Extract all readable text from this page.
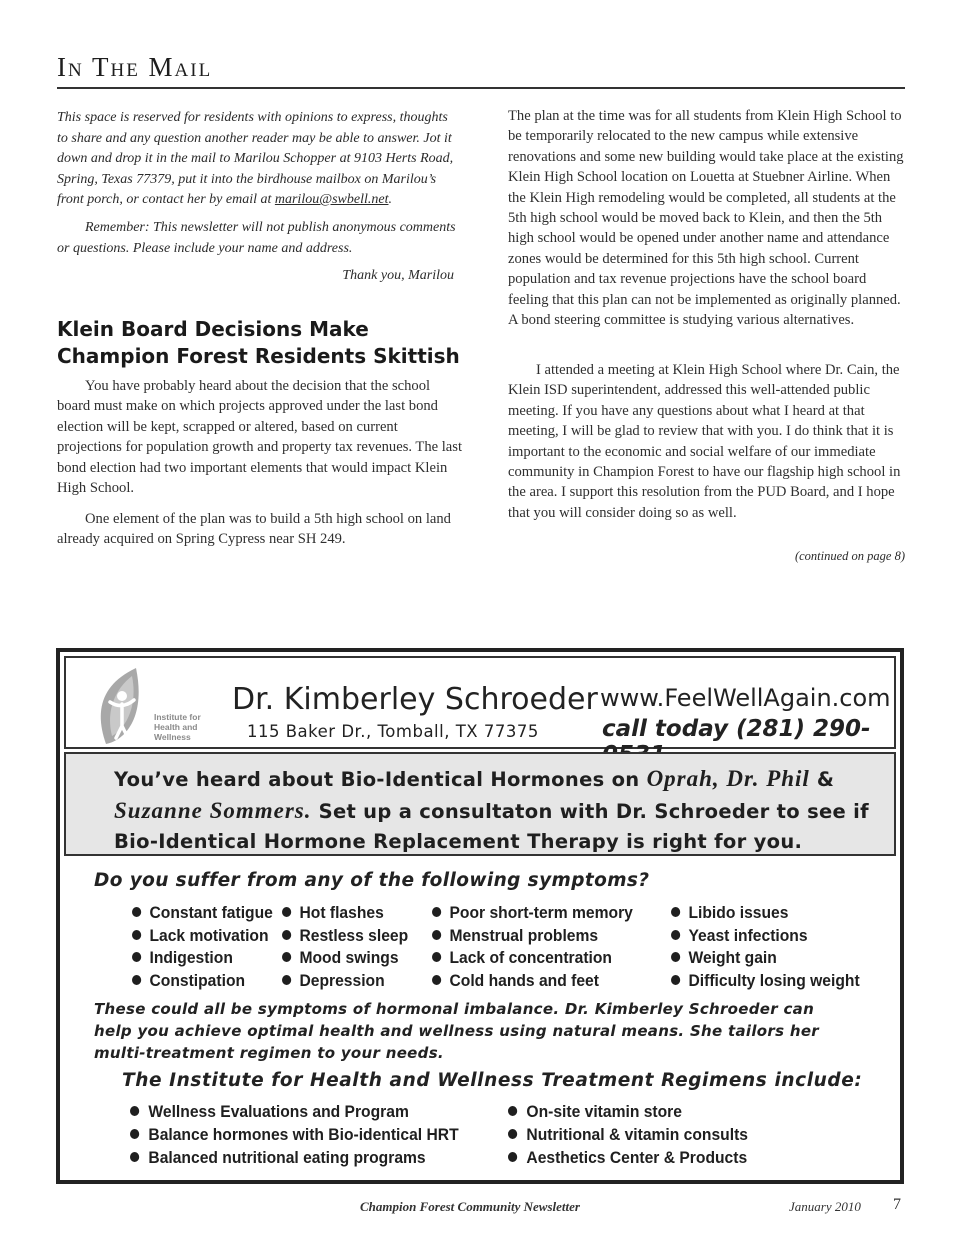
In The Mail
This space is reserved for residents with opinions to express, thoughts to share and any question another reader may be able to answer. Jot it down and drop it in the mail to Marilou Schopper at 9103 Herts Road, Spring, Texas 77379, put it into the birdhouse mailbox on Marilou’s front porch, or contact her by email at marilou@swbell.net.
Remember: This newsletter will not publish anonymous comments or questions. Please include your name and address.
Thank you, Marilou
Klein Board Decisions Make Champion Forest Residents Skittish

You have probably heard about the decision that the school board must make on which projects approved under the last bond election will be kept, scrapped or altered, based on current projections for population growth and property tax revenues. The last bond election had two important elements that would impact Klein High School.

One element of the plan was to build a 5th high school on land already acquired on Spring Cypress near SH 249.

The plan at the time was for all students from Klein High School to be temporarily relocated to the new campus while extensive renovations and some new building would take place at the existing Klein High School location on Louetta at Stuebner Airline. When the Klein High remodeling would be completed, all students at the 5th high school would be moved back to Klein, and then the 5th high school would be opened under another name and attendance zones would be determined for this 5th high school. Current population and tax revenue projections have the school board feeling that this plan can not be implemented as originally planned. A bond steering committee is studying various alternatives.

I attended a meeting at Klein High School where Dr. Cain, the Klein ISD superintendent, addressed this well-attended public meeting. If you have any questions about what I heard at that meeting, I will be glad to review that with you. I do think that it is important to the economic and social welfare of our immediate community in Champion Forest to have our flagship high school in the area. I support this resolution from the PUD Board, and I hope that you will consider doing so as well.

(continued on page 8)
Institute for
Health and
Wellness
Dr. Kimberley Schroeder
115 Baker Dr., Tomball, TX 77375
www.FeelWellAgain.com
call today (281) 290-
You’ve heard about Bio-Identical Hormones on Oprah, Dr. Phil &
Suzanne Sommers. Set up a consultaton with Dr. Schroeder to see if Bio-Identical Hormone Replacement Therapy is right for you.
Do you suffer from any of the following symptoms?
Constant fatigue
Lack motivation
Indigestion
Constipation
Hot flashes
Restless sleep
Mood swings
Depression
Poor short-term memory
Menstrual problems
Lack of concentration
Cold hands and feet
Libido issues
Yeast infections
Weight gain
Difficulty losing weight
These could all be symptoms of hormonal imbalance. Dr. Kimberley Schroeder can help you achieve optimal health and wellness using natural means. She tailors her multi-treatment regimen to your needs.
The Institute for Health and Wellness Treatment Regimens include:
Wellness Evaluations and Program
Balance hormones with Bio-identical HRT
Balanced nutritional eating programs
On-site vitamin store
Nutritional & vitamin consults
Aesthetics Center & Products
Champion Forest Community Newsletter	January 2010 7
